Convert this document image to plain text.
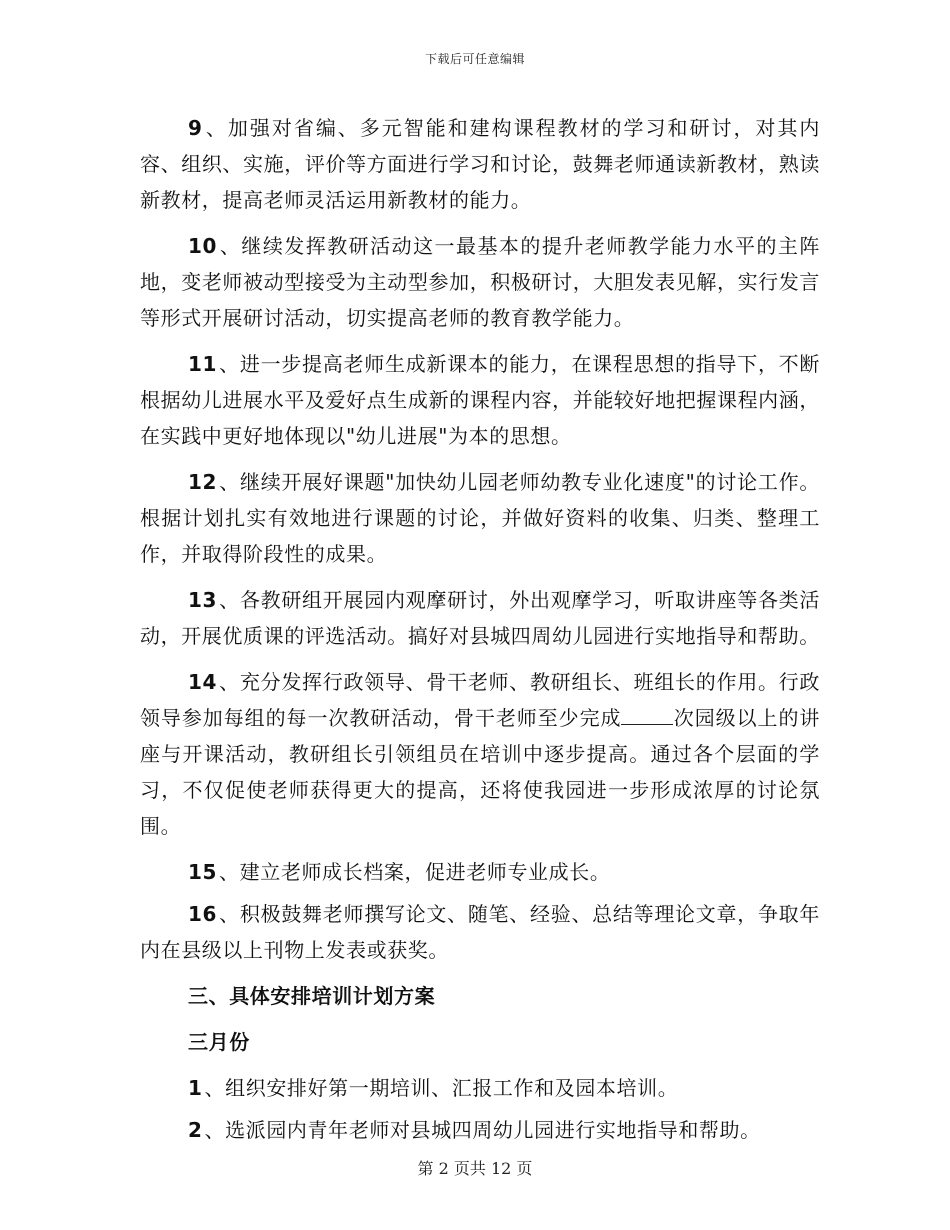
下载后可任意编辑

9 、加强对省编、多元智能和建构课程教材的学习和研讨，对其内容、组织、实施，评价等方面进行学习和讨论，鼓舞老师通读新教材，熟读新教材，提高老师灵活运用新教材的能力。

10 、继续发挥教研活动这一最基本的提升老师教学能力水平的主阵地，变老师被动型接受为主动型参加，积极研讨，大胆发表见解，实行发言等形式开展研讨活动，切实提高老师的教育教学能力。

11 、进一步提高老师生成新课本的能力，在课程思想的指导下，不断根据幼儿进展水平及爱好点生成新的课程内容，并能较好地把握课程内涵，在实践中更好地体现以"幼儿进展"为本的思想。

12 、继续开展好课题"加快幼儿园老师幼教专业化速度"的讨论工作。根据计划扎实有效地进行课题的讨论，并做好资料的收集、归类、整理工作，并取得阶段性的成果。

13 、各教研组开展园内观摩研讨，外出观摩学习，听取讲座等各类活动，开展优质课的评选活动。搞好对县城四周幼儿园进行实地指导和帮助。

14 、充分发挥行政领导、骨干老师、教研组长、班组长的作用。行政领导参加每组的每一次教研活动，骨干老师至少完成	次园级以上的讲座与开课活动，教研组长引领组员在培训中逐步提高。通过各个层面的学习，不仅促使老师获得更大的提高，还将使我园进一步形成浓厚的讨论氛围。

15 、建立老师成长档案，促进老师专业成长。

16 、积极鼓舞老师撰写论文、随笔、经验、总结等理论文章，争取年内在县级以上刊物上发表或获奖。

三、具体安排培训计划方案

三月份

1 、组织安排好第一期培训、汇报工作和及园本培训。

2 、选派园内青年老师对县城四周幼儿园进行实地指导和帮助。

第 2 页共 12 页
